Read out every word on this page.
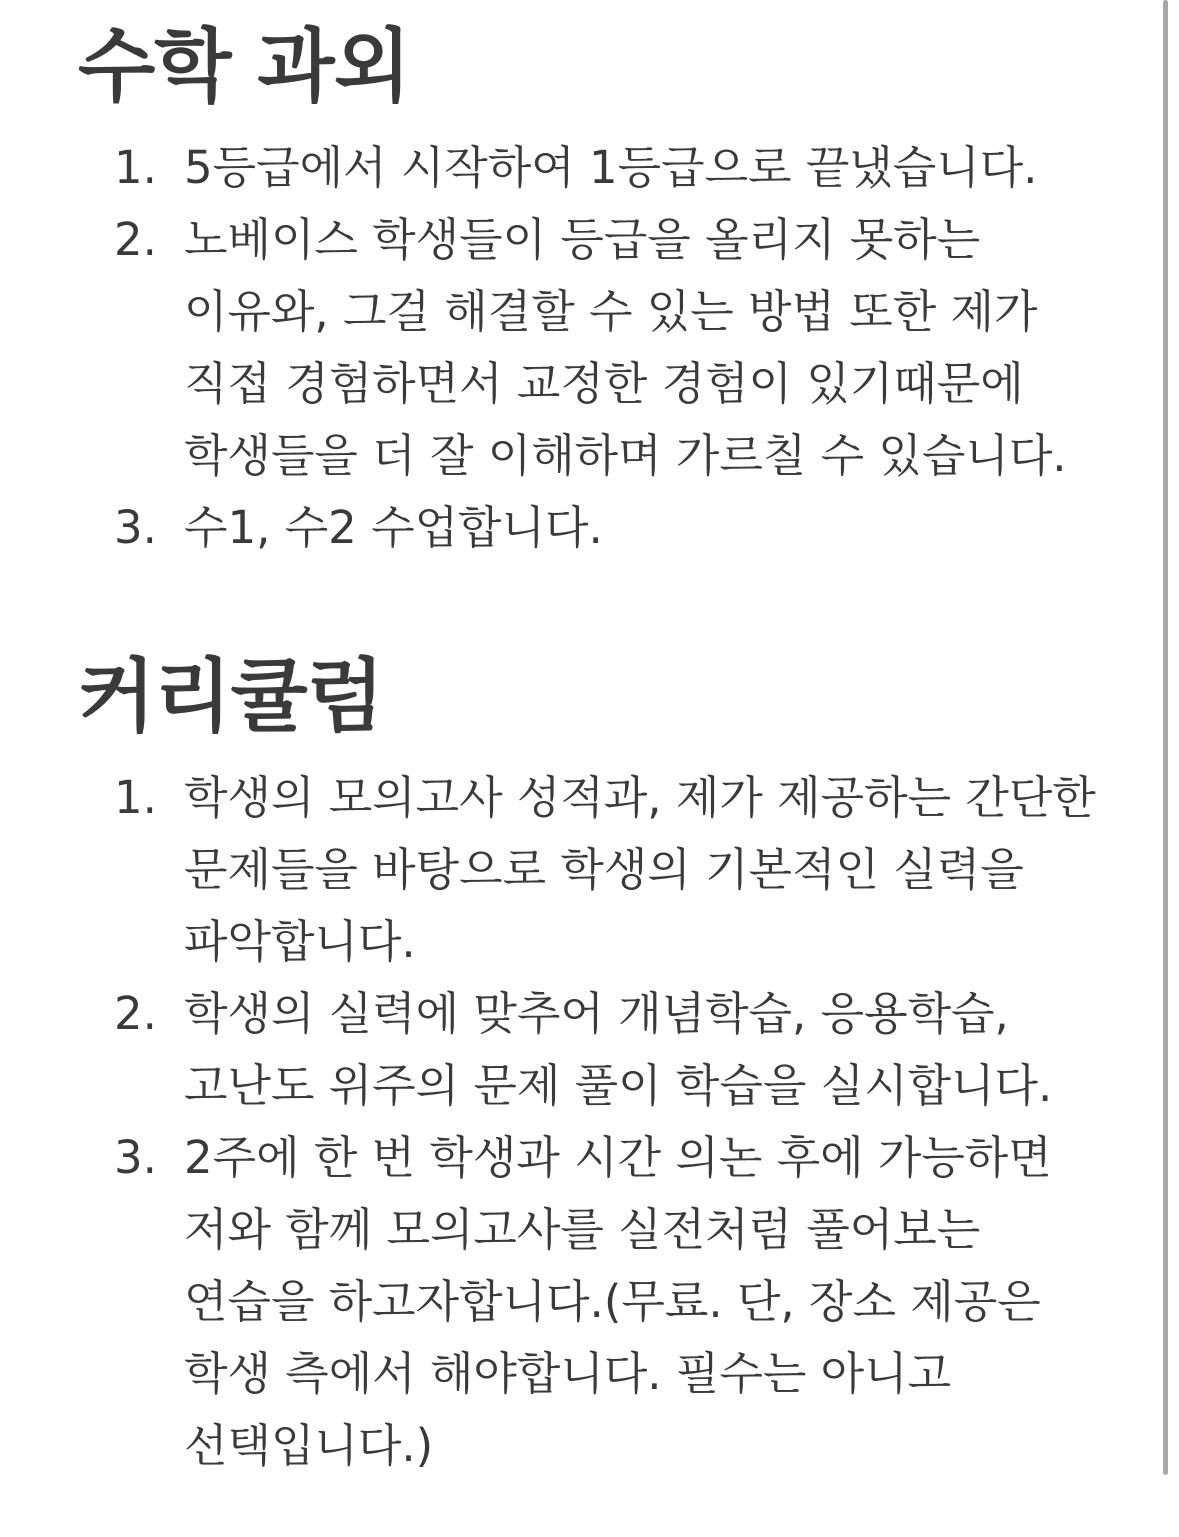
수학 과외
1. 5등급에서 시작하여 1등급으로 끝냈습니다.
2. 노베이스 학생들이 등급을 올리지 못하는 이유와, 그걸 해결할 수 있는 방법 또한 제가 직접 경험하면서 교정한 경험이 있기때문에 학생들을 더 잘 이해하며 가르칠 수 있습니다.
3. 수1, 수2 수업합니다.
커리큘럼
1. 학생의 모의고사 성적과, 제가 제공하는 간단한 문제들을 바탕으로 학생의 기본적인 실력을 파악합니다.
2. 학생의 실력에 맞추어 개념학습, 응용학습, 고난도 위주의 문제 풀이 학습을 실시합니다.
3. 2주에 한 번 학생과 시간 의논 후에 가능하면 저와 함께 모의고사를 실전처럼 풀어보는 연습을 하고자합니다.(무료. 단, 장소 제공은 학생 측에서 해야합니다. 필수는 아니고 선택입니다.)
